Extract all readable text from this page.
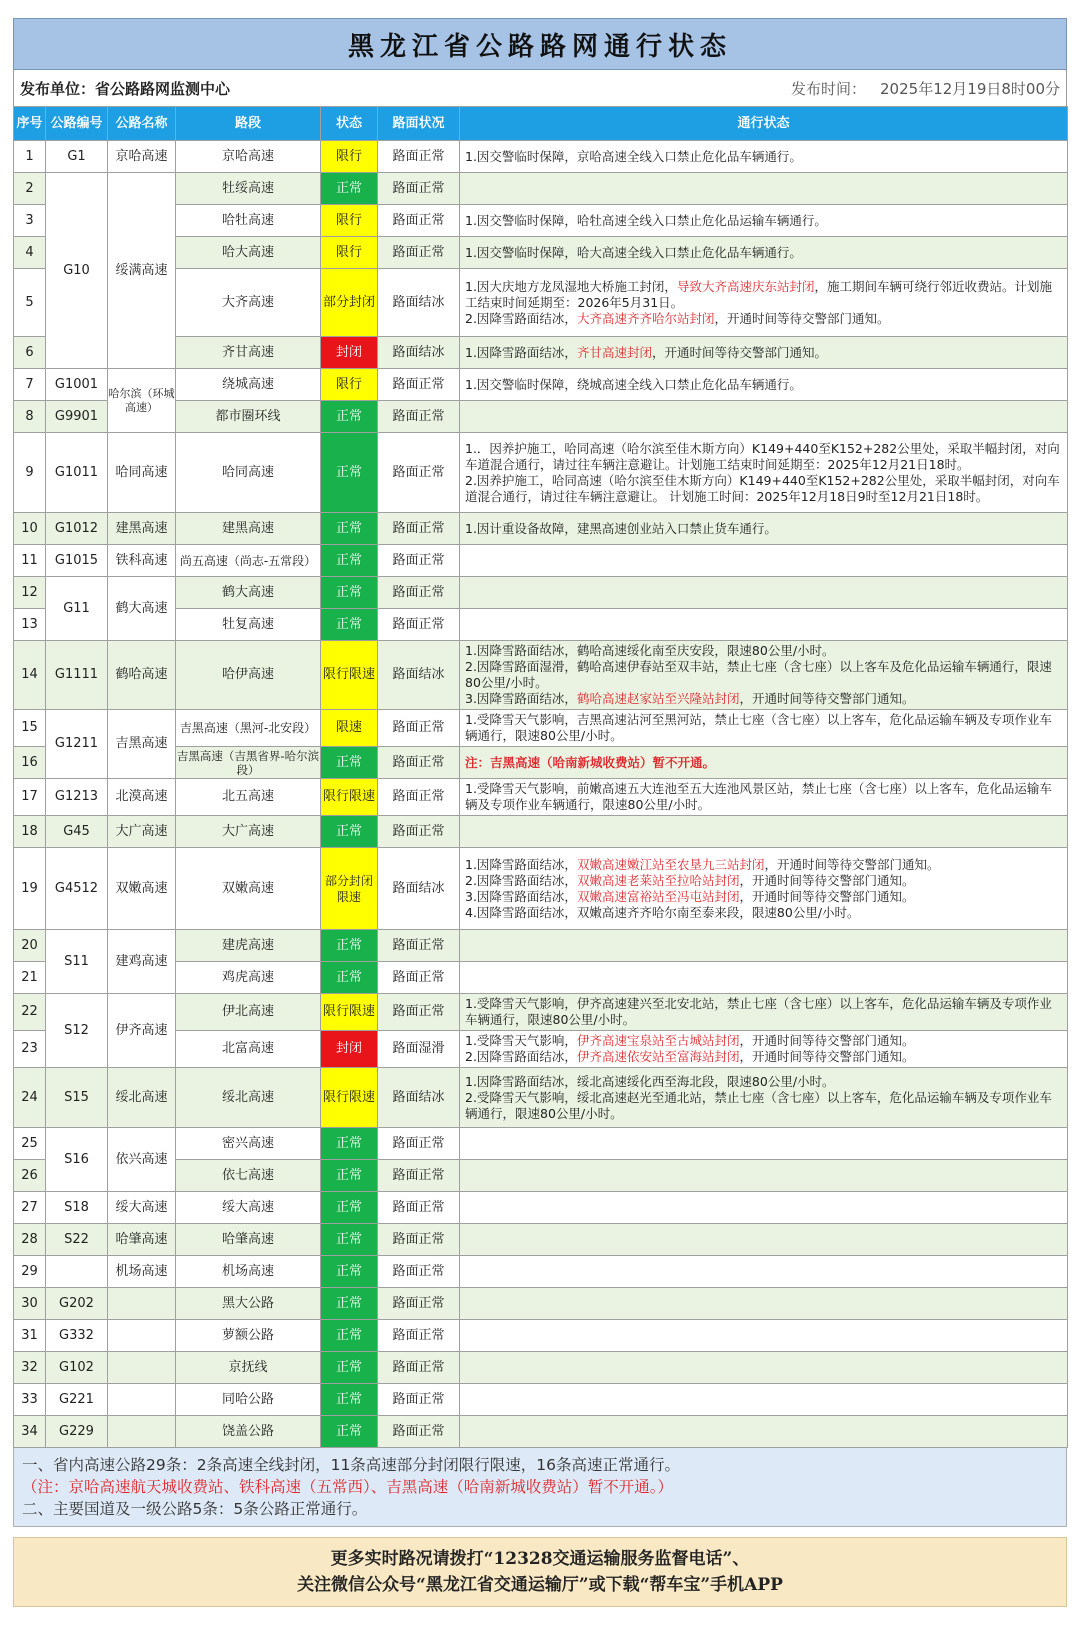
黑龙江省公路路网通行状态
发布单位：省公路路网监测中心	发布时间： 2025年12月19日8时00分
序号	公路编号	公路名称	路段	状态	路面状况	通行状态
1	G1	京哈高速	京哈高速	限行	路面正常	1.因交警临时保障，京哈高速全线入口禁止危化品车辆通行。

2	G10	绥满高速	牡绥高速	正常	路面正常	
3			哈牡高速	限行	路面正常	1.因交警临时保障，哈牡高速全线入口禁止危化品运输车辆通行。

4			哈大高速	限行	路面正常	1.因交警临时保障，哈大高速全线入口禁止危化品车辆通行。

5			大齐高速	部分封闭	路面结冰	1.因大庆地方龙凤湿地大桥施工封闭，导致大齐高速庆东站封闭，施工期间车辆可绕行邻近收费站。计划施工结束时间延期至：2026年5月31日。
2.因降雪路面结冰，大齐高速齐齐哈尔站封闭，开通时间等待交警部门通知。

6			齐甘高速	封闭	路面结冰	1.因降雪路面结冰，齐甘高速封闭，开通时间等待交警部门通知。

7	G1001	哈尔滨（环城高速）	绕城高速	限行	路面正常	1.因交警临时保障，绕城高速全线入口禁止危化品车辆通行。

8	G9901		都市圈环线	正常	路面正常	
9	G1011	哈同高速	哈同高速	正常	路面正常	1.．因养护施工，哈同高速（哈尔滨至佳木斯方向）K149+440至K152+282公里处，采取半幅封闭，对向车道混合通行，请过往车辆注意避让。计划施工结束时间延期至：2025年12月21日18时。
2.因养护施工，哈同高速（哈尔滨至佳木斯方向）K149+440至K152+282公里处，采取半幅封闭，对向车道混合通行，请过往车辆注意避让。 计划施工时间：2025年12月18日9时至12月21日18时。

10	G1012	建黑高速	建黑高速	正常	路面正常	1.因计重设备故障，建黑高速创业站入口禁止货车通行。

11	G1015	铁科高速	尚五高速（尚志-五常段）	正常	路面正常	
12	G11	鹤大高速	鹤大高速	正常	路面正常	
13			牡复高速	正常	路面正常	
14	G1111	鹤哈高速	哈伊高速	限行限速	路面结冰	1.因降雪路面结冰，鹤哈高速绥化南至庆安段，限速80公里/小时。
2.因降雪路面湿滑，鹤哈高速伊春站至双丰站，禁止七座（含七座）以上客车及危化品运输车辆通行，限速80公里/小时。
3.因降雪路面结冰，鹤哈高速赵家站至兴隆站封闭，开通时间等待交警部门通知。

15	G1211	吉黑高速	吉黑高速（黑河-北安段）	限速	路面正常	1.受降雪天气影响，吉黑高速沾河至黑河站，禁止七座（含七座）以上客车，危化品运输车辆及专项作业车辆通行，限速80公里/小时。

16			吉黑高速（吉黑省界-哈尔滨段）	正常	路面正常	注：吉黑高速（哈南新城收费站）暂不开通。

17	G1213	北漠高速	北五高速	限行限速	路面正常	1.受降雪天气影响，前嫩高速五大连池至五大连池风景区站，禁止七座（含七座）以上客车，危化品运输车辆及专项作业车辆通行，限速80公里/小时。

18	G45	大广高速	大广高速	正常	路面正常	
19	G4512	双嫩高速	双嫩高速	部分封闭限速	路面结冰	1.因降雪路面结冰，双嫩高速嫩江站至农垦九三站封闭，开通时间等待交警部门通知。
2.因降雪路面结冰，双嫩高速老莱站至拉哈站封闭，开通时间等待交警部门通知。
3.因降雪路面结冰，双嫩高速富裕站至冯屯站封闭，开通时间等待交警部门通知。
4.因降雪路面结冰，双嫩高速齐齐哈尔南至泰来段，限速80公里/小时。

20	S11	建鸡高速	建虎高速	正常	路面正常	
21			鸡虎高速	正常	路面正常	
22	S12	伊齐高速	伊北高速	限行限速	路面正常	1.受降雪天气影响，伊齐高速建兴至北安北站，禁止七座（含七座）以上客车，危化品运输车辆及专项作业车辆通行，限速80公里/小时。

23			北富高速	封闭	路面湿滑	1.受降雪天气影响，伊齐高速宝泉站至古城站封闭，开通时间等待交警部门通知。
2.因降雪路面结冰，伊齐高速依安站至富海站封闭，开通时间等待交警部门通知。

24	S15	绥北高速	绥北高速	限行限速	路面结冰	1.因降雪路面结冰，绥北高速绥化西至海北段，限速80公里/小时。
2.受降雪天气影响，绥北高速赵光至通北站，禁止七座（含七座）以上客车，危化品运输车辆及专项作业车辆通行，限速80公里/小时。

25	S16	依兴高速	密兴高速	正常	路面正常	
26			依七高速	正常	路面正常	
27	S18	绥大高速	绥大高速	正常	路面正常	
28	S22	哈肇高速	哈肇高速	正常	路面正常	
29		机场高速	机场高速	正常	路面正常	
30	G202		黑大公路	正常	路面正常	
31	G332		萝额公路	正常	路面正常	
32	G102		京抚线	正常	路面正常	
33	G221		同哈公路	正常	路面正常	
34	G229		饶盖公路	正常	路面正常	
一、省内高速公路29条：2条高速全线封闭，11条高速部分封闭限行限速，16条高速正常通行。
（注：京哈高速航天城收费站、铁科高速（五常西）、吉黑高速（哈南新城收费站）暂不开通。）
二、主要国道及一级公路5条：5条公路正常通行。
更多实时路况请拨打“12328交通运输服务监督电话”、
关注微信公众号“黑龙江省交通运输厅”或下载“帮车宝”手机APP
